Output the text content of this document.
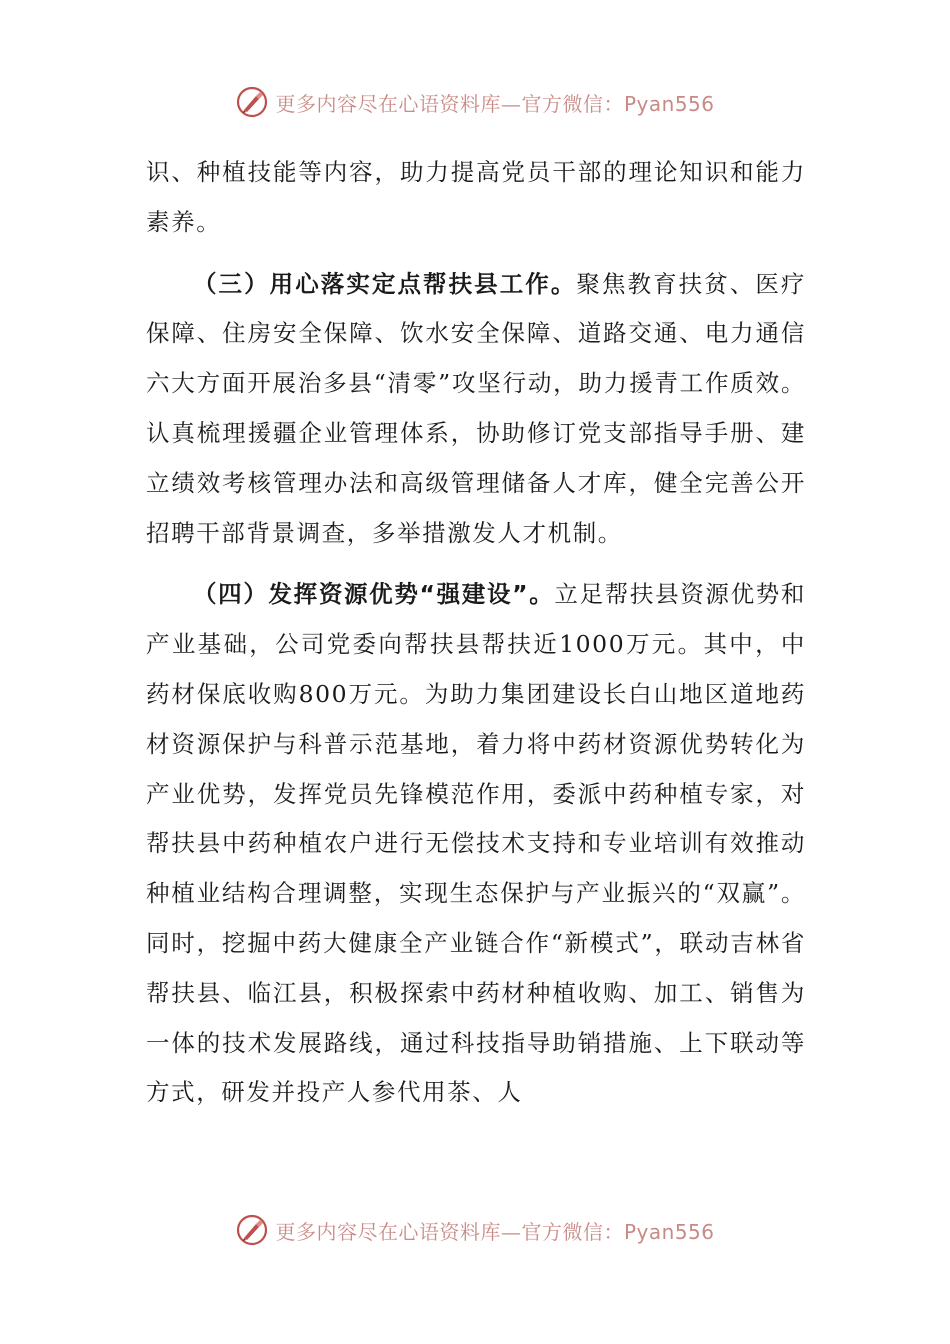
更多内容尽在心语资料库—官方微信：Pyan556

识、种植技能等内容，助力提高党员干部的理论知识和能力素养。

（三）用心落实定点帮扶县工作。聚焦教育扶贫、医疗保障、住房安全保障、饮水安全保障、道路交通、电力通信六大方面开展治多县“清零”攻坚行动，助力援青工作质效。认真梳理援疆企业管理体系，协助修订党支部指导手册、建立绩效考核管理办法和高级管理储备人才库，健全完善公开招聘干部背景调查，多举措激发人才机制。

（四）发挥资源优势“强建设”。立足帮扶县资源优势和产业基础，公司党委向帮扶县帮扶近1000万元。其中，中药材保底收购800万元。为助力集团建设长白山地区道地药材资源保护与科普示范基地，着力将中药材资源优势转化为产业优势，发挥党员先锋模范作用，委派中药种植专家，对帮扶县中药种植农户进行无偿技术支持和专业培训有效推动种植业结构合理调整，实现生态保护与产业振兴的“双赢”。同时，挖掘中药大健康全产业链合作“新模式”，联动吉林省帮扶县、临江县，积极探索中药材种植收购、加工、销售为一体的技术发展路线，通过科技指导助销措施、上下联动等方式，研发并投产人参代用茶、人

更多内容尽在心语资料库—官方微信：Pyan556
